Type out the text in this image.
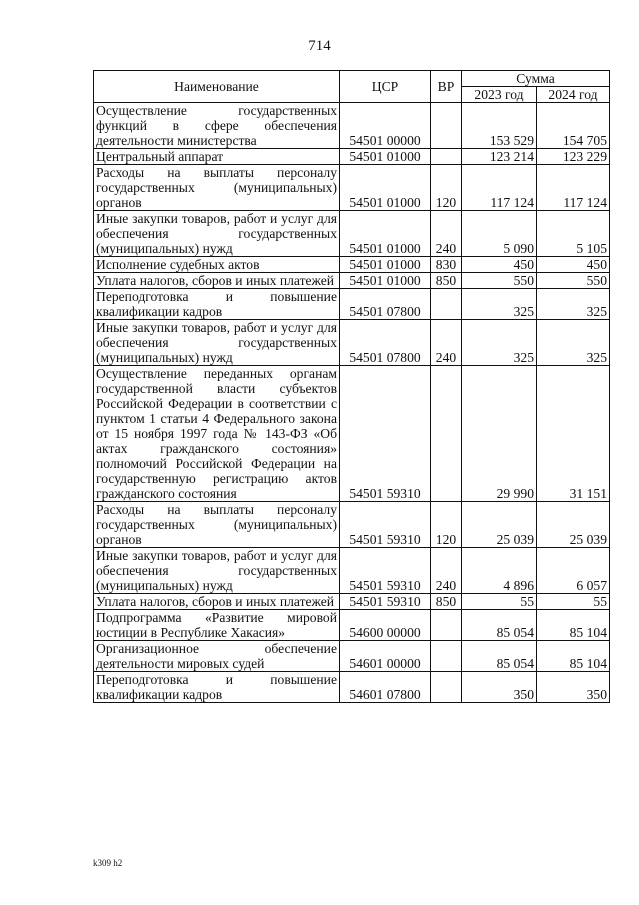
714
Наименование	ЦСР	ВР	Сумма	
			2023 год	2024 год
Осуществление государственных функций в сфере обеспечения деятельности министерства	54501 00000		153 529	154 705
Центральный аппарат	54501 01000		123 214	123 229
Расходы на выплаты персоналу государственных (муниципальных) органов	54501 01000	120	117 124	117 124
Иные закупки товаров, работ и услуг для обеспечения государственных (муниципальных) нужд	54501 01000	240	5 090	5 105
Исполнение судебных актов	54501 01000	830	450	450
Уплата налогов, сборов и иных платежей	54501 01000	850	550	550
Переподготовка и повышение квалификации кадров	54501 07800		325	325
Иные закупки товаров, работ и услуг для обеспечения государственных (муниципальных) нужд	54501 07800	240	325	325
Осуществление переданных органам государственной власти субъектов Российской Федерации в соответствии с пунктом 1 статьи 4 Федерального закона от 15 ноября 1997 года № 143-ФЗ «Об актах гражданского состояния» полномочий Российской Федерации на государственную регистрацию актов гражданского состояния	54501 59310		29 990	31 151
Расходы на выплаты персоналу государственных (муниципальных) органов	54501 59310	120	25 039	25 039
Иные закупки товаров, работ и услуг для обеспечения государственных (муниципальных) нужд	54501 59310	240	4 896	6 057
Уплата налогов, сборов и иных платежей	54501 59310	850	55	55
Подпрограмма «Развитие мировой юстиции в Республике Хакасия»	54600 00000		85 054	85 104
Организационное обеспечение деятельности мировых судей	54601 00000		85 054	85 104
Переподготовка и повышение квалификации кадров	54601 07800		350	350
k309 h2
